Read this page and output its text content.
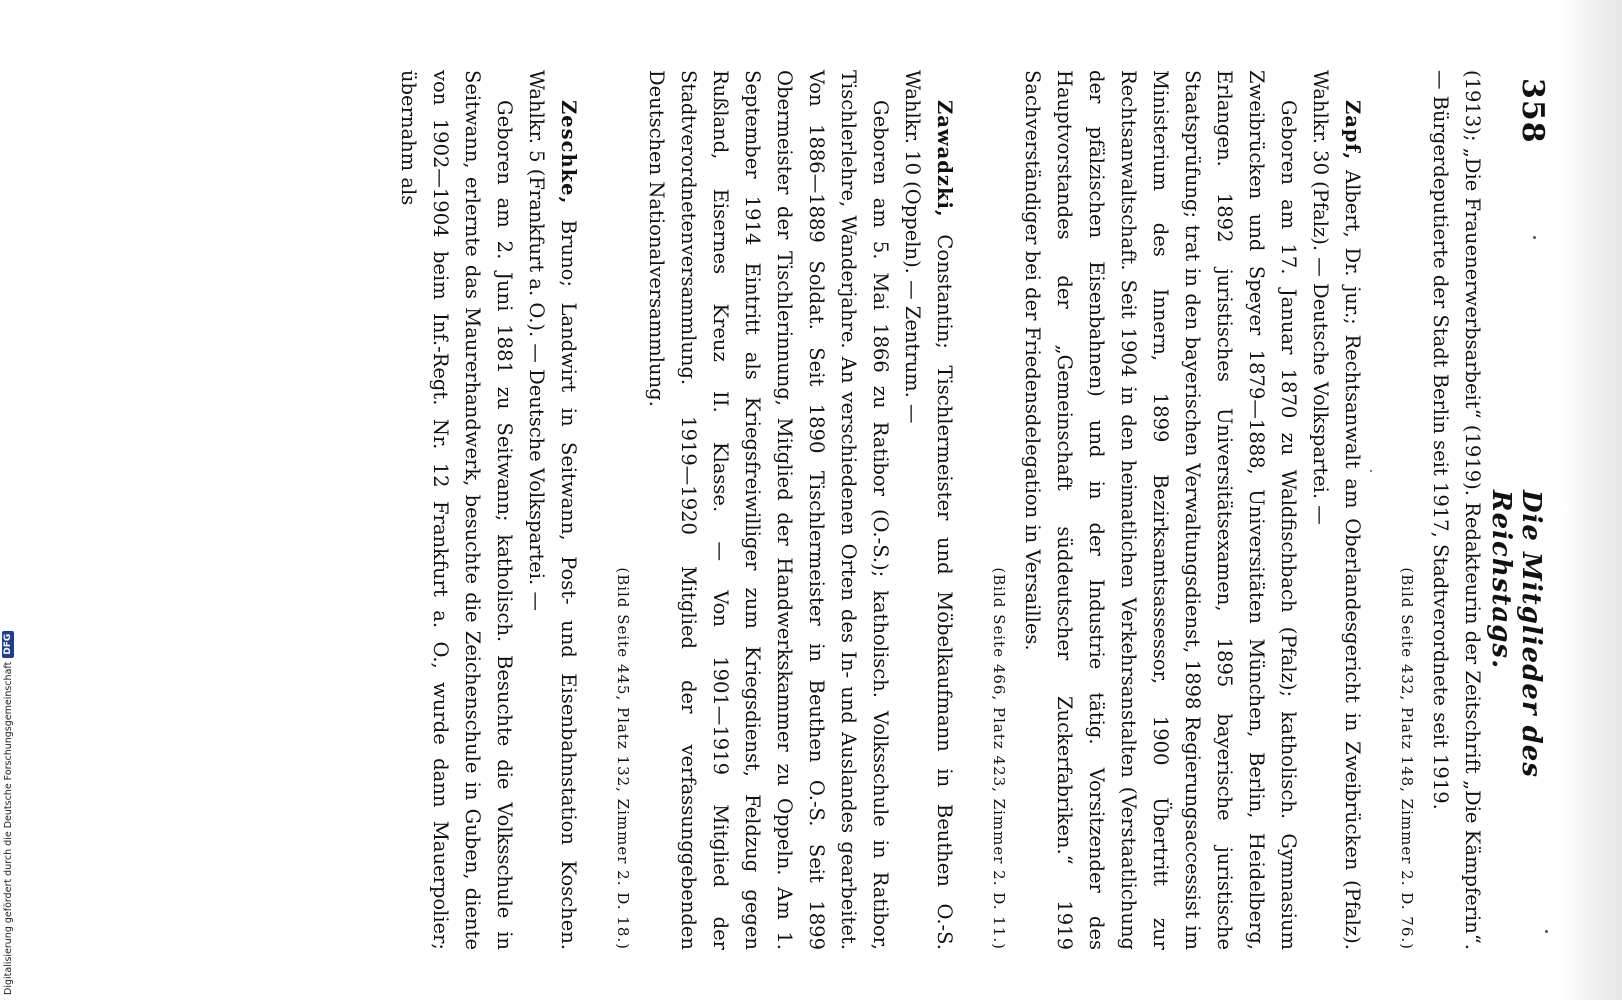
358
Die Mitglieder des Reichstags.

(1913); „Die Frauenerwerbsarbeit“ (1919). Redakteurin der Zeitschrift „Die Kämpferin“. — Bürgerdeputierte der Stadt Berlin seit 1917, Stadtverordnete seit 1919.

(Bild Seite 432, Platz 148, Zimmer 2. D. 76.)

Zapf, Albert, Dr. jur.; Rechtsanwalt am Oberlandesgericht in Zweibrücken (Pfalz). Wahlkr. 30 (Pfalz). — Deutsche Volkspartei. —

Geboren am 17. Januar 1870 zu Waldfischbach (Pfalz); katholisch. Gymnasium Zweibrücken und Speyer 1879—1888, Universitäten München, Berlin, Heidelberg, Erlangen. 1892 juristisches Universitätsexamen, 1895 bayerische juristische Staatsprüfung; trat in den bayerischen Verwaltungsdienst, 1898 Regierungsaccessist im Ministerium des Innern, 1899 Bezirksamtsassessor, 1900 Übertritt zur Rechtsanwaltschaft. Seit 1904 in den heimatlichen Verkehrsanstalten (Verstaatlichung der pfälzischen Eisenbahnen) und in der Industrie tätig. Vorsitzender des Hauptvorstandes der „Gemeinschaft süddeutscher Zuckerfabriken.“ 1919 Sachverständiger bei der Friedensdelegation in Versailles.

(Bild Seite 466, Platz 423, Zimmer 2. D. 11.)

Zawadzki, Constantin; Tischlermeister und Möbelkaufmann in Beuthen O.-S. Wahlkr. 10 (Oppeln). — Zentrum. —

Geboren am 5. Mai 1866 zu Ratibor (O.-S.); katholisch. Volksschule in Ratibor, Tischlerlehre, Wanderjahre. An verschiedenen Orten des In- und Auslandes gearbeitet. Von 1886—1889 Soldat. Seit 1890 Tischlermeister in Beuthen O.-S. Seit 1899 Obermeister der Tischlerinnung, Mitglied der Handwerkskammer zu Oppeln. Am 1. September 1914 Eintritt als Kriegsfreiwilliger zum Kriegsdienst, Feldzug gegen Rußland, Eisernes Kreuz II. Klasse. — Von 1901—1919 Mitglied der Stadtverordnetenversammlung. 1919—1920 Mitglied der verfassunggebenden Deutschen Nationalversammlung.

(Bild Seite 445, Platz 132, Zimmer 2. D. 18.)

Zeschke, Bruno; Landwirt in Seitwann, Post- und Eisenbahnstation Koschen. Wahlkr. 5 (Frankfurt a. O.). — Deutsche Volkspartei. —

Geboren am 2. Juni 1881 zu Seitwann; katholisch. Besuchte die Volksschule in Seitwann, erlernte das Maurerhandwerk, besuchte die Zeichenschule in Guben, diente von 1902—1904 beim Inf.-Regt. Nr. 12 Frankfurt a. O., wurde dann Mauerpolier; übernahm als

Digitalisierung gefördert durch die Deutsche Forschungsgemeinschaft
DFG
